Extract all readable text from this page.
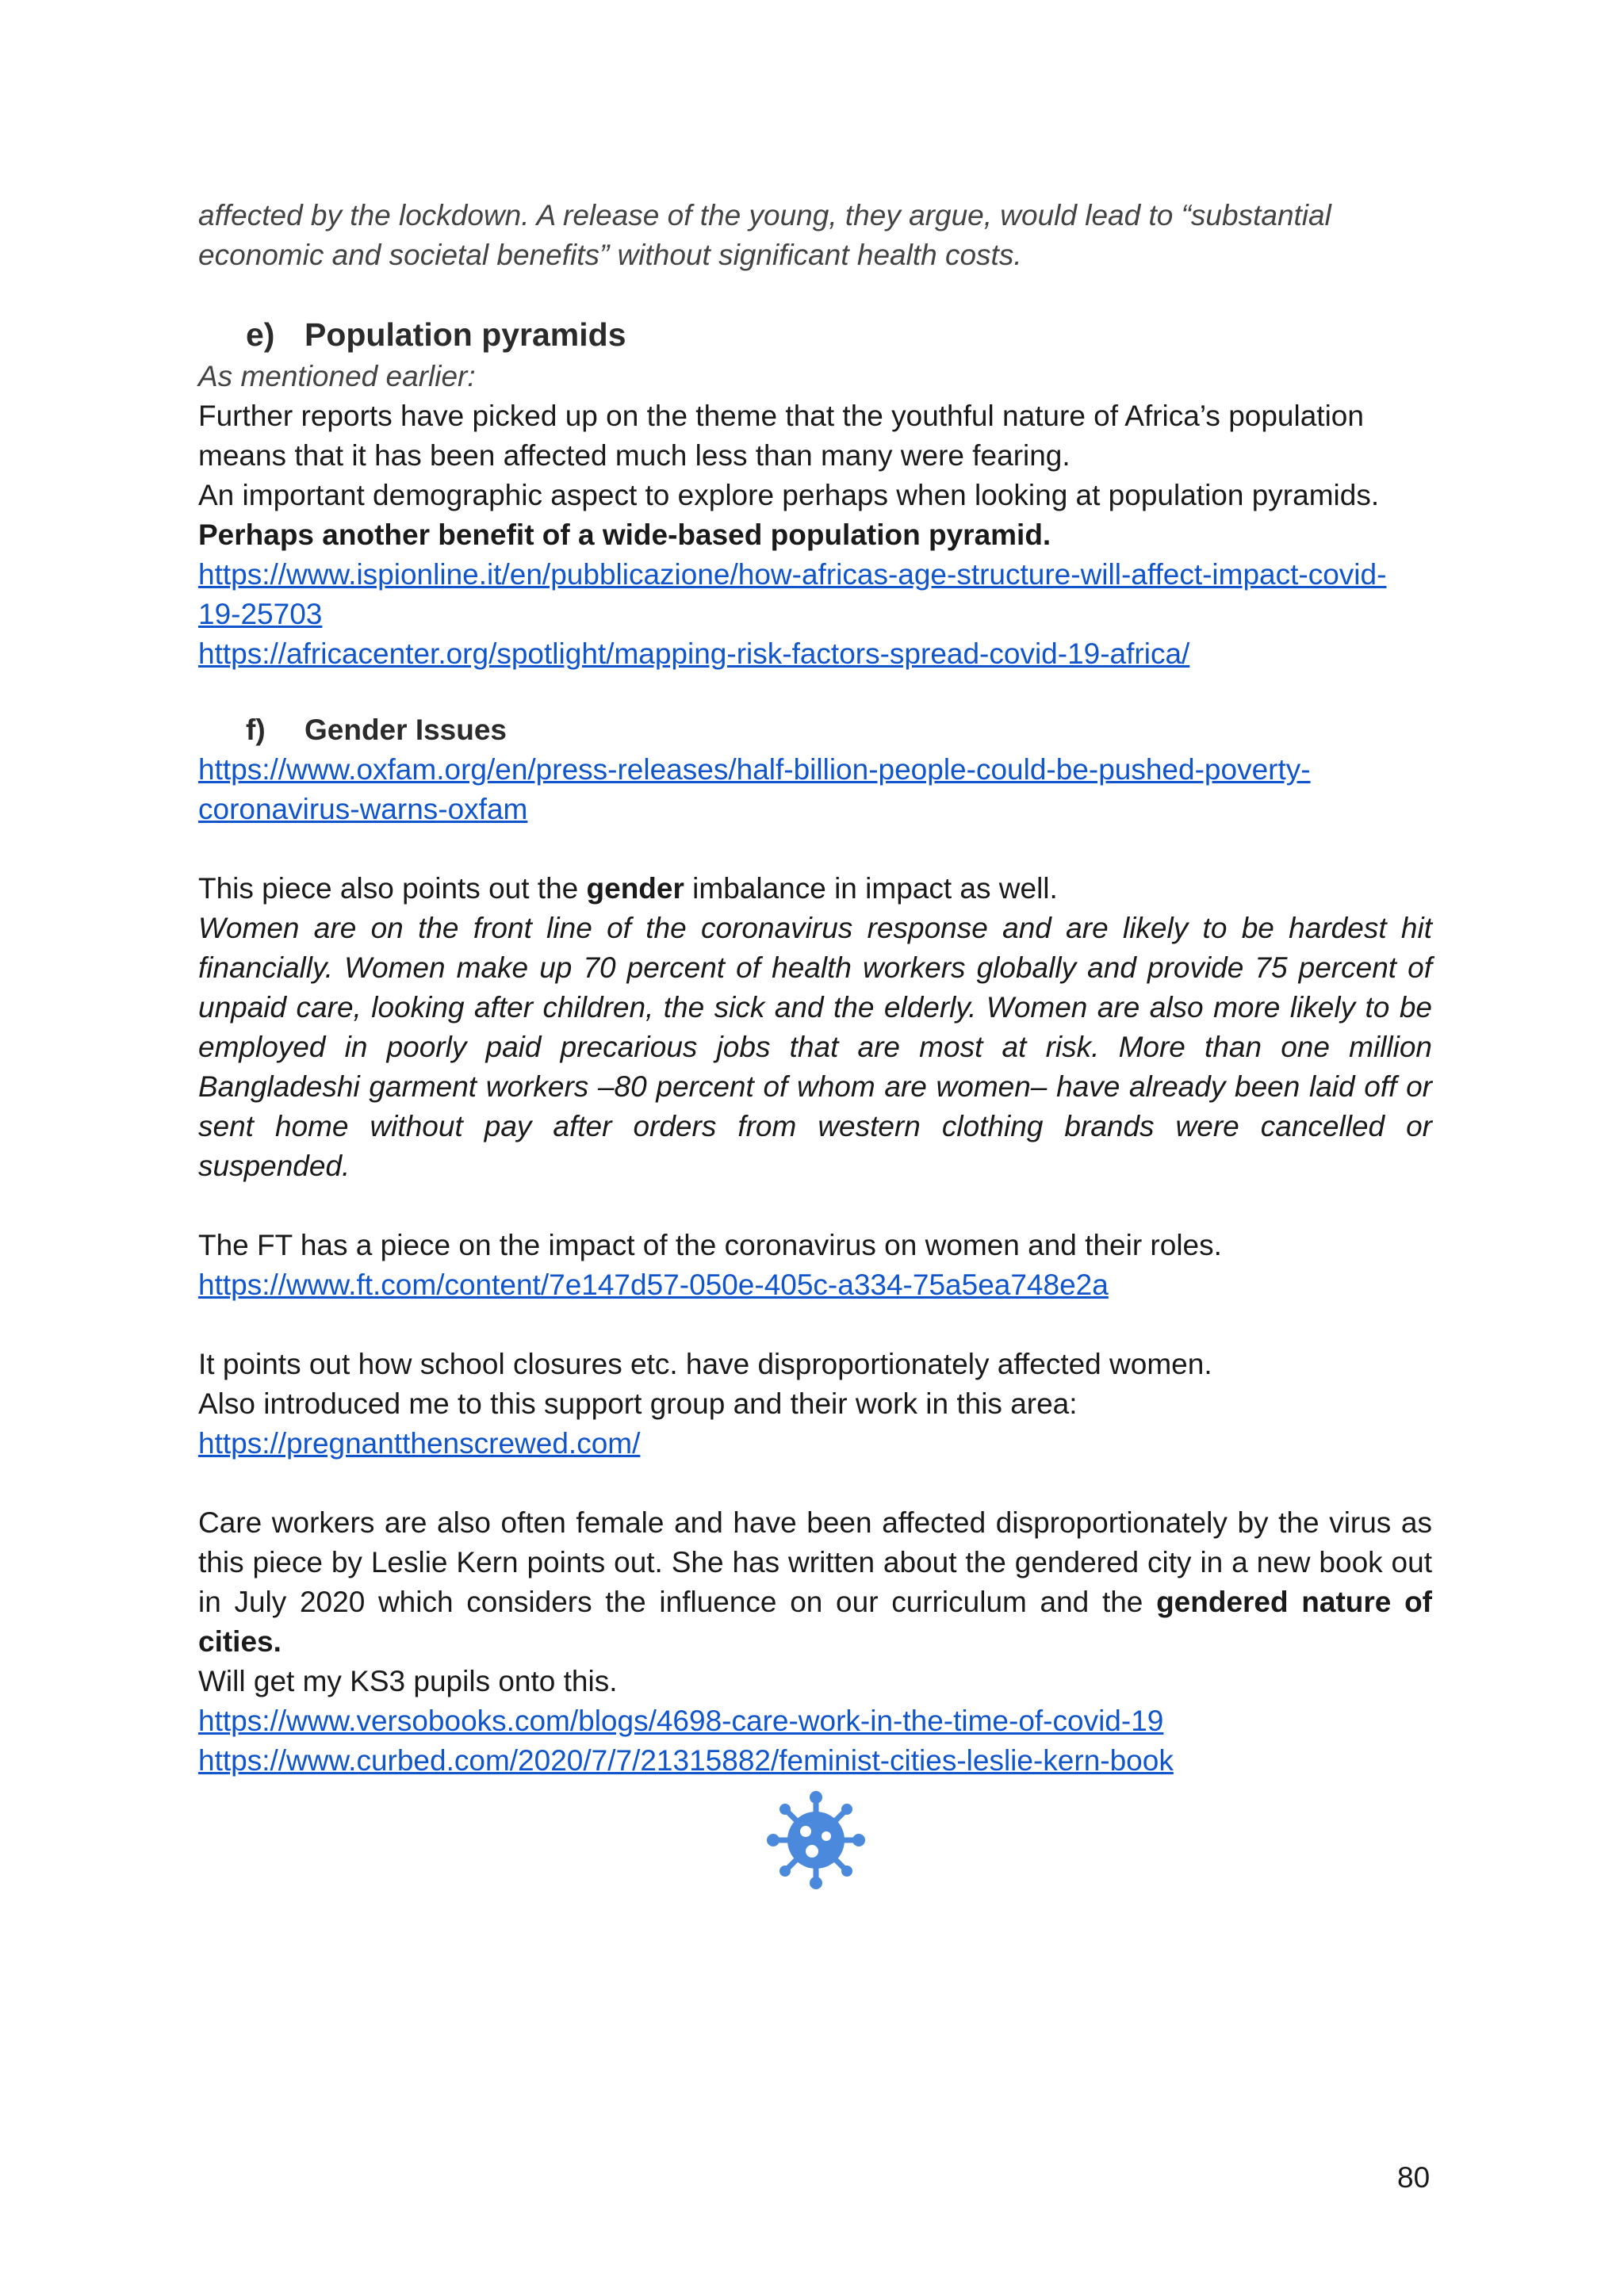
affected by the lockdown. A release of the young, they argue, would lead to “substantial

economic and societal benefits” without significant health costs.

e) Population pyramids

As mentioned earlier:

Further reports have picked up on the theme that the youthful nature of Africa’s population

means that it has been affected much less than many were fearing.

An important demographic aspect to explore perhaps when looking at population pyramids.

Perhaps another benefit of a wide-based population pyramid.

https://www.ispionline.it/en/pubblicazione/how-africas-age-structure-will-affect-impact-covid-
19-25703
https://africacenter.org/spotlight/mapping-risk-factors-spread-covid-19-africa/
f)	Gender Issues
https://www.oxfam.org/en/press-releases/half-billion-people-could-be-pushed-poverty-
coronavirus-warns-oxfam

This piece also points out the gender imbalance in impact as well.

Women are on the front line of the coronavirus response and are likely to be hardest hit financially. Women make up 70 percent of health workers globally and provide 75 percent of unpaid care, looking after children, the sick and the elderly. Women are also more likely to be employed in poorly paid precarious jobs that are most at risk. More than one million Bangladeshi garment workers –80 percent of whom are women– have already been laid off or sent home without pay after orders from western clothing brands were cancelled or suspended.

The FT has a piece on the impact of the coronavirus on women and their roles.

https://www.ft.com/content/7e147d57-050e-405c-a334-75a5ea748e2a

It points out how school closures etc. have disproportionately affected women.

Also introduced me to this support group and their work in this area:

https://pregnantthenscrewed.com/

Care workers are also often female and have been affected disproportionately by the virus as this piece by Leslie Kern points out. She has written about the gendered city in a new book out in July 2020 which considers the influence on our curriculum and the gendered nature of cities.

Will get my KS3 pupils onto this.

https://www.versobooks.com/blogs/4698-care-work-in-the-time-of-covid-19
https://www.curbed.com/2020/7/7/21315882/feminist-cities-leslie-kern-book
80
